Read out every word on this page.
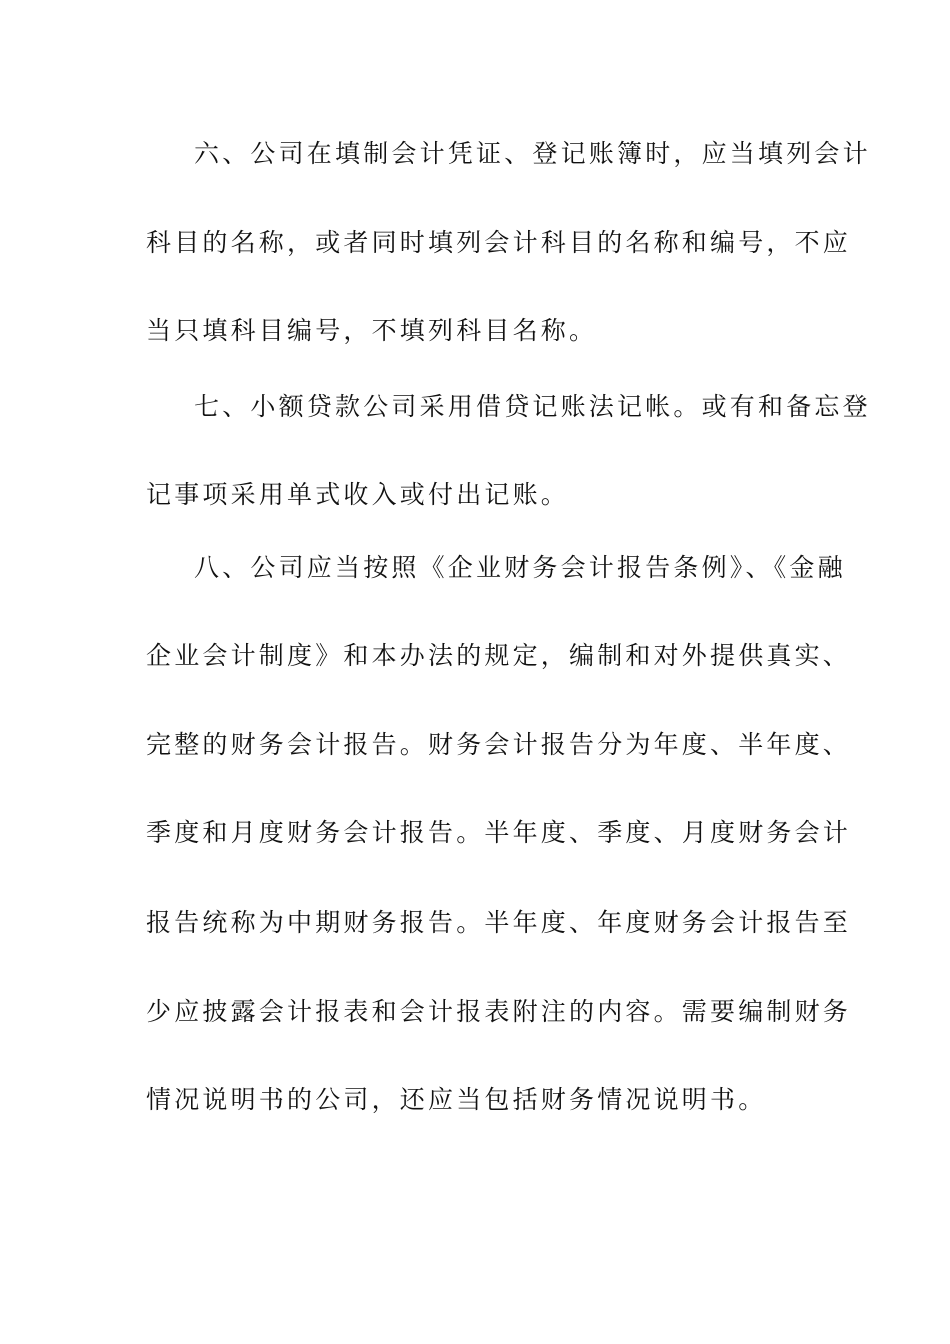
六、公司在填制会计凭证、登记账簿时，应当填列会计
科目的名称，或者同时填列会计科目的名称和编号，不应
当只填科目编号，不填列科目名称。
七、小额贷款公司采用借贷记账法记帐。或有和备忘登
记事项采用单式收入或付出记账。
八、公司应当按照《企业财务会计报告条例》、《金融
企业会计制度》和本办法的规定，编制和对外提供真实、
完整的财务会计报告。财务会计报告分为年度、半年度、
季度和月度财务会计报告。半年度、季度、月度财务会计
报告统称为中期财务报告。半年度、年度财务会计报告至
少应披露会计报表和会计报表附注的内容。需要编制财务
情况说明书的公司，还应当包括财务情况说明书。
